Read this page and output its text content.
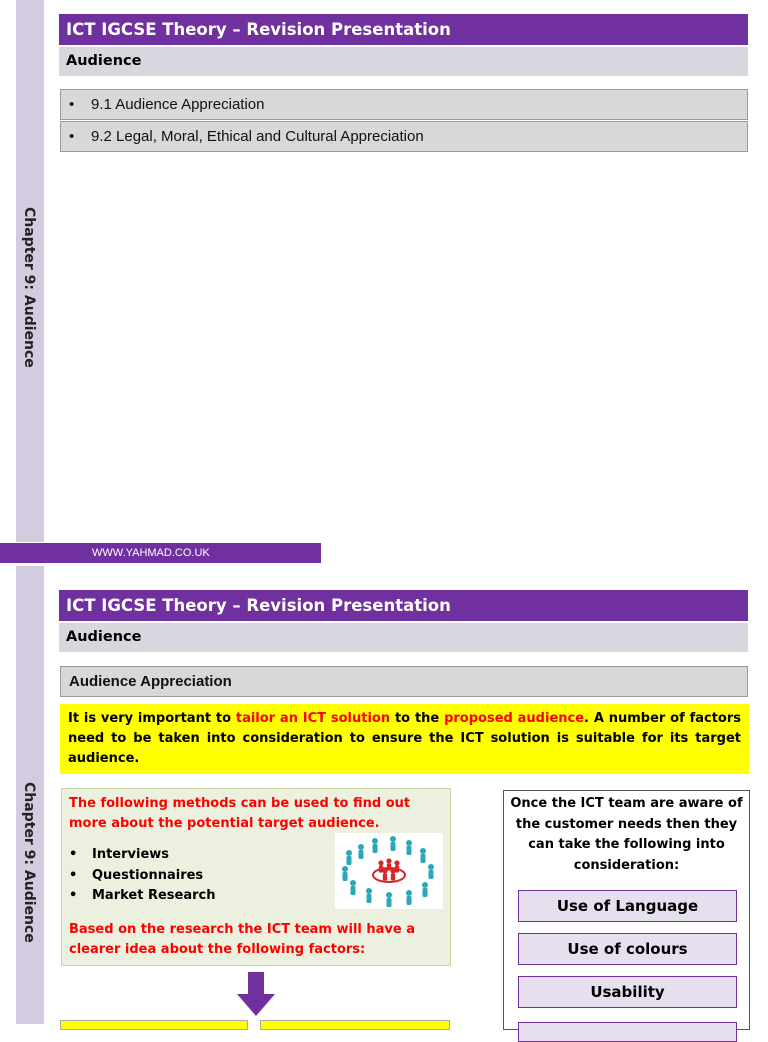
Chapter 9: Audience
ICT IGCSE Theory – Revision Presentation
Audience
• 9.1 Audience Appreciation
• 9.2 Legal, Moral, Ethical and Cultural Appreciation
WWW.YAHMAD.CO.UK
Chapter 9: Audience
ICT IGCSE Theory – Revision Presentation
Audience
Audience Appreciation
It is very important to tailor an ICT solution to the proposed audience. A number of factors need to be taken into consideration to ensure the ICT solution is suitable for its target audience.
The following methods can be used to find out more about the potential target audience.
• Interviews
• Questionnaires
• Market Research
Based on the research the ICT team will have a clearer idea about the following factors:
Once the ICT team are aware of the customer needs then they can take the following into consideration:
Use of Language
Use of colours
Usability
